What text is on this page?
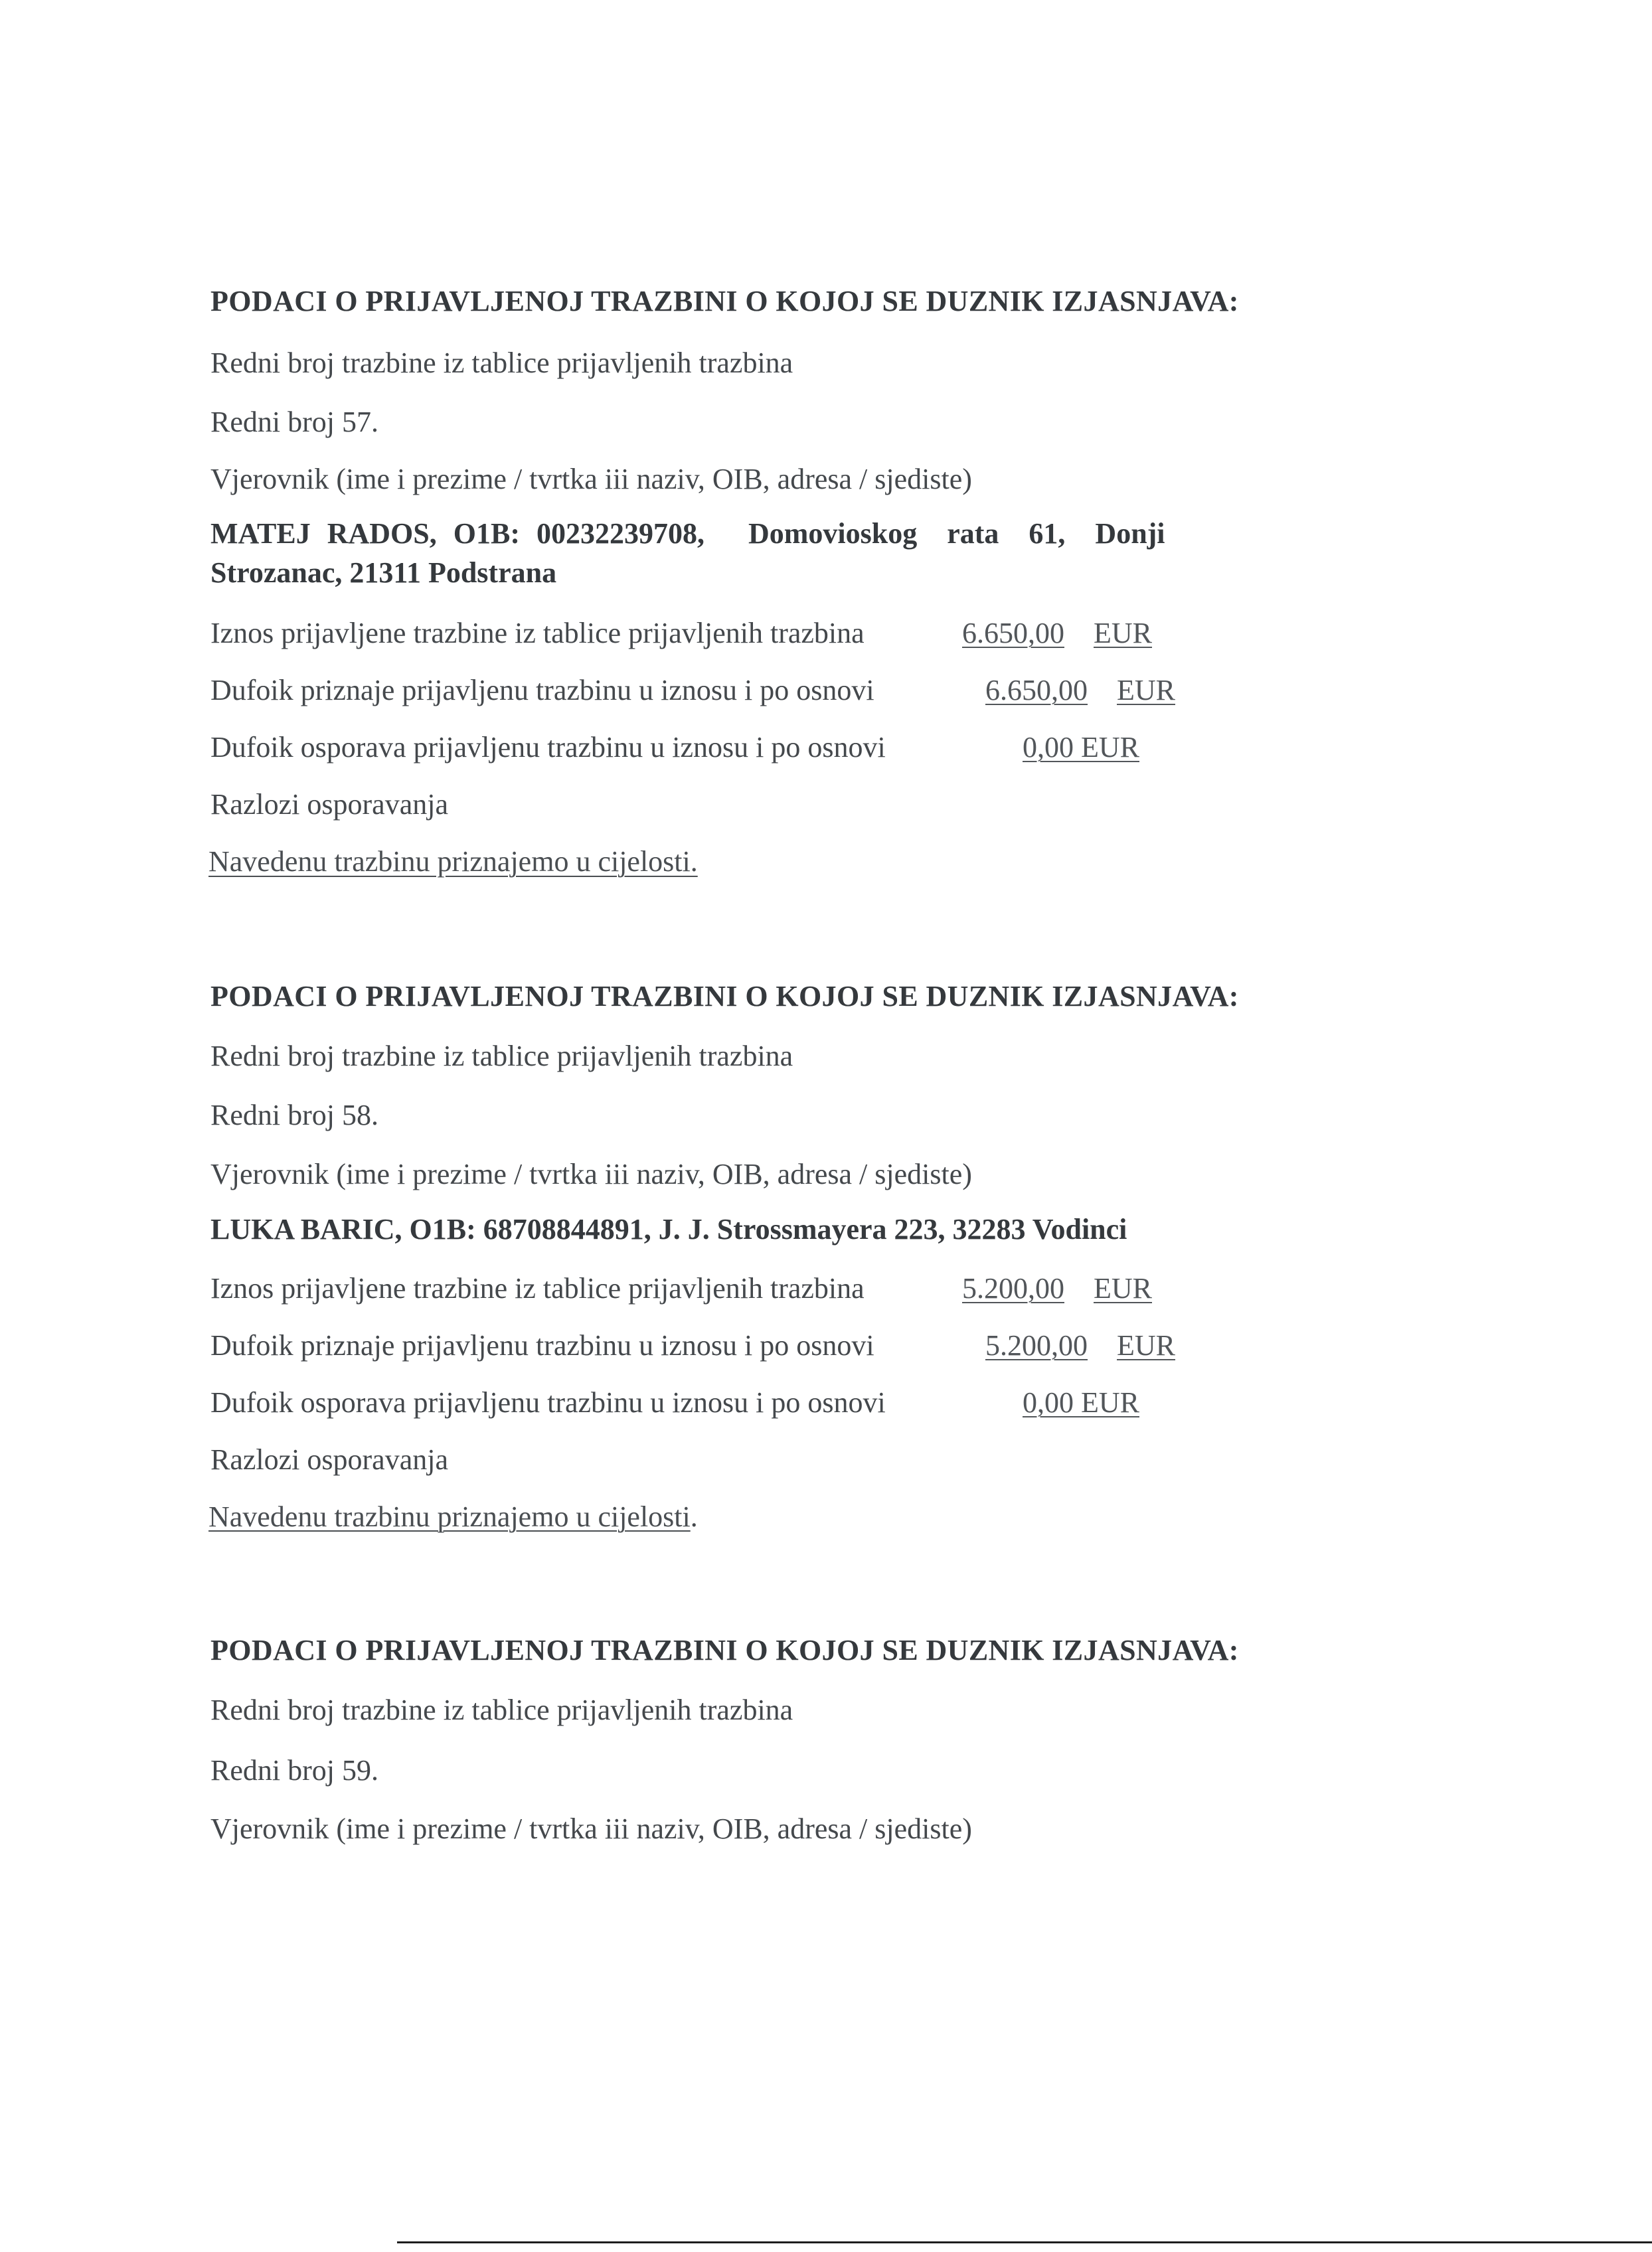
PODACI O PRIJAVLJENOJ TRAZBINI O KOJOJ SE DUZNIK IZJASNJAVA:
Redni broj trazbine iz tablice prijavljenih trazbina
Redni broj 57.
Vjerovnik (ime i prezime / tvrtka iii naziv, OIB, adresa / sjediste)
MATEJ RADOS, O1B: 00232239708, Domovioskog rata 61, Donji
Strozanac, 21311 Podstrana
Iznos prijavljene trazbine iz tablice prijavljenih trazbina	6.650,00 EUR
Dufoik priznaje prijavljenu trazbinu u iznosu i po osnovi	6.650,00 EUR
Dufoik osporava prijavljenu trazbinu u iznosu i po osnovi	0,00 EUR
Razlozi osporavanja
Navedenu trazbinu priznajemo u cijelosti.
PODACI O PRIJAVLJENOJ TRAZBINI O KOJOJ SE DUZNIK IZJASNJAVA:
Redni broj trazbine iz tablice prijavljenih trazbina
Redni broj 58.
Vjerovnik (ime i prezime / tvrtka iii naziv, OIB, adresa / sjediste)
LUKA BARIC, O1B: 68708844891, J. J. Strossmayera 223, 32283 Vodinci
Iznos prijavljene trazbine iz tablice prijavljenih trazbina	5.200,00 EUR
Dufoik priznaje prijavljenu trazbinu u iznosu i po osnovi	5.200,00 EUR
Dufoik osporava prijavljenu trazbinu u iznosu i po osnovi	0,00 EUR
Razlozi osporavanja
Navedenu trazbinu priznajemo u cijelosti.
PODACI O PRIJAVLJENOJ TRAZBINI O KOJOJ SE DUZNIK IZJASNJAVA:
Redni broj trazbine iz tablice prijavljenih trazbina
Redni broj 59.
Vjerovnik (ime i prezime / tvrtka iii naziv, OIB, adresa / sjediste)
